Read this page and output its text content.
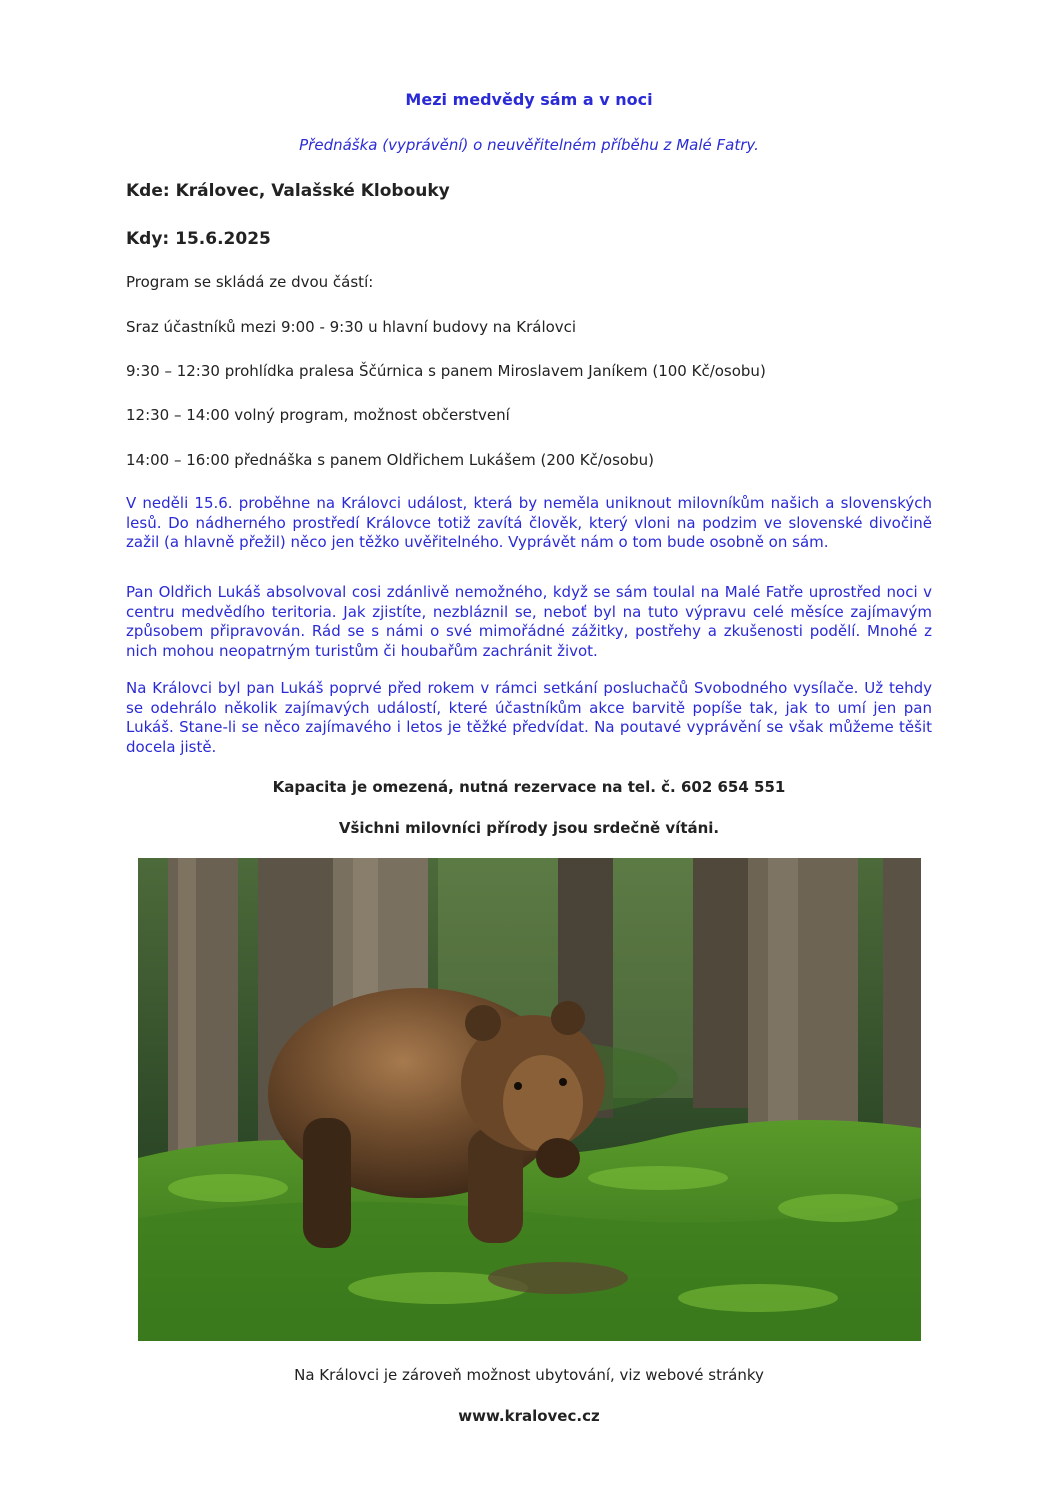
Mezi medvědy sám a v noci
Přednáška (vyprávění) o neuvěřitelném příběhu z Malé Fatry.
Kde: Královec, Valašské Klobouky
Kdy: 15.6.2025
Program se skládá ze dvou částí:
Sraz účastníků mezi 9:00 - 9:30 u hlavní budovy na Královci
9:30 – 12:30 prohlídka pralesa Ščúrnica s panem Miroslavem Janíkem (100 Kč/osobu)
12:30 – 14:00 volný program, možnost občerstvení
14:00 – 16:00 přednáška s panem Oldřichem Lukášem (200 Kč/osobu)
V neděli 15.6. proběhne na Královci událost, která by neměla uniknout milovníkům našich a slovenských lesů. Do nádherného prostředí Královce totiž zavítá člověk, který vloni na podzim ve slovenské divočině zažil (a hlavně přežil) něco jen těžko uvěřitelného. Vyprávět nám o tom bude osobně on sám.
Pan Oldřich Lukáš absolvoval cosi zdánlivě nemožného, když se sám toulal na Malé Fatře uprostřed noci v centru medvědího teritoria. Jak zjistíte, nezbláznil se, neboť byl na tuto výpravu celé měsíce zajímavým způsobem připravován. Rád se s námi o své mimořádné zážitky, postřehy a zkušenosti podělí. Mnohé z nich mohou neopatrným turistům či houbařům zachránit život.
Na Královci byl pan Lukáš poprvé před rokem v rámci setkání posluchačů Svobodného vysílače. Už tehdy se odehrálo několik zajímavých událostí, které účastníkům akce barvitě popíše tak, jak to umí jen pan Lukáš. Stane-li se něco zajímavého i letos je těžké předvídat. Na poutavé vyprávění se však můžeme těšit docela jistě.
Kapacita je omezená, nutná rezervace na tel. č. 602 654 551
Všichni milovníci přírody jsou srdečně vítáni.
Na Královci je zároveň možnost ubytování, viz webové stránky
www.kralovec.cz
